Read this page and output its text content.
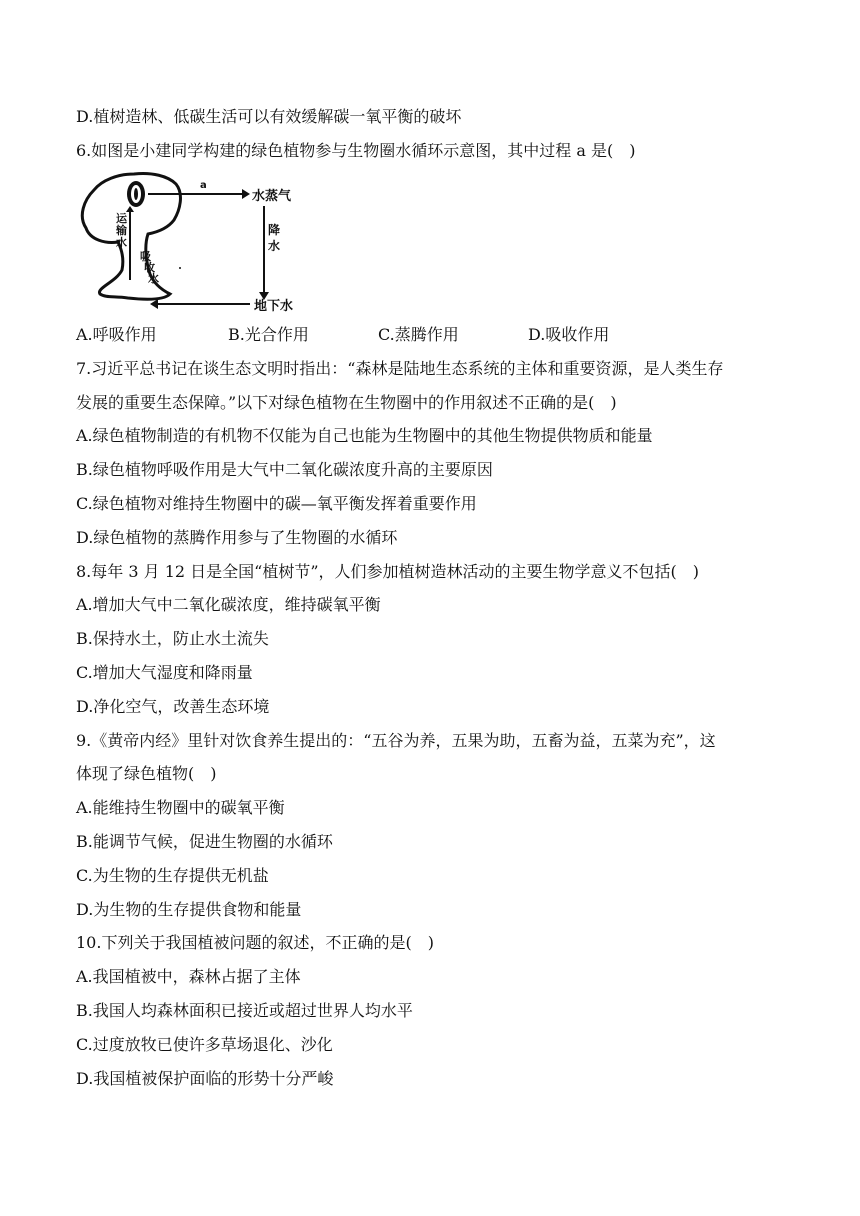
D.植树造林、低碳生活可以有效缓解碳一氧平衡的破坏
6.如图是小建同学构建的绿色植物参与生物圈水循环示意图，其中过程 a 是(　)
a
水蒸气
降
水
地下水
运
输
水
吸
收
水
A.呼吸作用	B.光合作用	C.蒸腾作用	D.吸收作用
7.习近平总书记在谈生态文明时指出：“森林是陆地生态系统的主体和重要资源，是人类生存
发展的重要生态保障。”以下对绿色植物在生物圈中的作用叙述不正确的是(　)
A.绿色植物制造的有机物不仅能为自己也能为生物圈中的其他生物提供物质和能量
B.绿色植物呼吸作用是大气中二氧化碳浓度升高的主要原因
C.绿色植物对维持生物圈中的碳—氧平衡发挥着重要作用
D.绿色植物的蒸腾作用参与了生物圈的水循环
8.每年 3 月 12 日是全国“植树节”，人们参加植树造林活动的主要生物学意义不包括(　)
A.增加大气中二氧化碳浓度，维持碳氧平衡
B.保持水土，防止水土流失
C.增加大气湿度和降雨量
D.净化空气，改善生态环境
9.《黄帝内经》里针对饮食养生提出的：“五谷为养，五果为助，五畜为益，五菜为充”，这
体现了绿色植物(　)
A.能维持生物圈中的碳氧平衡
B.能调节气候，促进生物圈的水循环
C.为生物的生存提供无机盐
D.为生物的生存提供食物和能量
10.下列关于我国植被问题的叙述，不正确的是(　)
A.我国植被中，森林占据了主体
B.我国人均森林面积已接近或超过世界人均水平
C.过度放牧已使许多草场退化、沙化
D.我国植被保护面临的形势十分严峻
